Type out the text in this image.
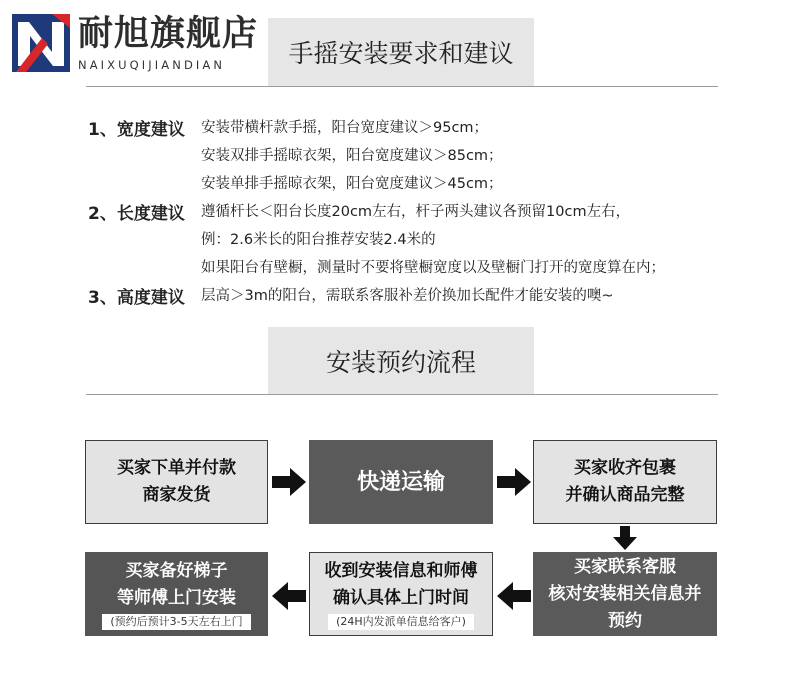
耐旭旗舰店
NAIXUQIJIANDIAN	手摇安装要求和建议
1、宽度建议 安装带横杆款手摇，阳台宽度建议＞95cm；
安装双排手摇晾衣架，阳台宽度建议＞85cm；
安装单排手摇晾衣架，阳台宽度建议＞45cm；
2、长度建议 遵循杆长＜阳台长度20cm左右，杆子两头建议各预留10cm左右，
例：2.6米长的阳台推荐安装2.4米的
如果阳台有壁橱，测量时不要将壁橱宽度以及壁橱门打开的宽度算在内；
3、高度建议 层高＞3m的阳台，需联系客服补差价换加长配件才能安装的噢~
安装预约流程
买家下单并付款
商家发货
快递运输
买家收齐包裹
并确认商品完整
买家备好梯子
等师傅上门安装
(预约后预计3-5天左右上门
收到安装信息和师傅
确认具体上门时间
(24H内发派单信息给客户)
买家联系客服
核对安装相关信息并
预约
